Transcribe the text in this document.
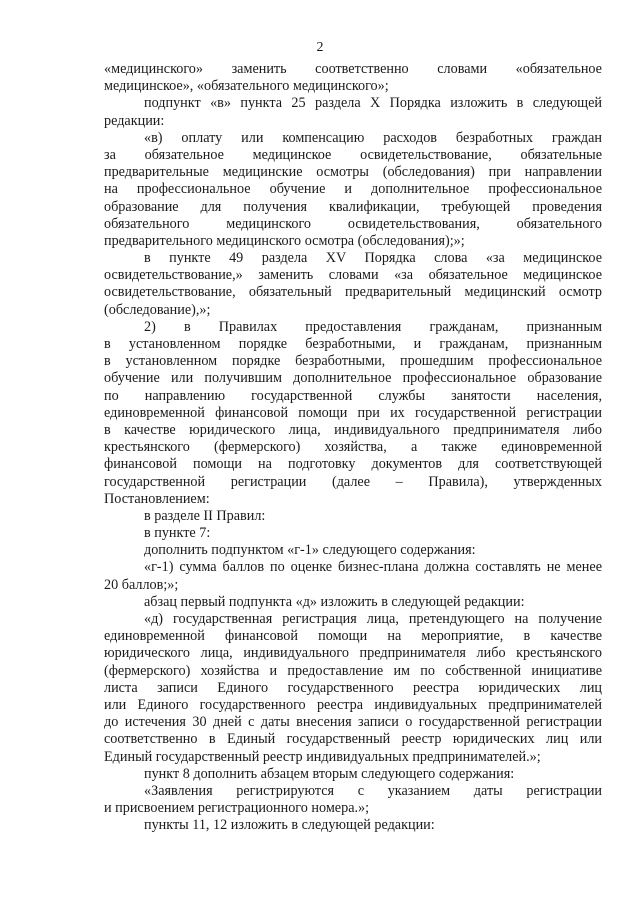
2
«медицинского» заменить соответственно словами «обязательное
медицинское», «обязательного медицинского»;
подпункт «в» пункта 25 раздела X Порядка изложить в следующей
редакции:
«в) оплату или компенсацию расходов безработных граждан
за обязательное медицинское освидетельствование, обязательные
предварительные медицинские осмотры (обследования) при направлении
на профессиональное обучение и дополнительное профессиональное
образование для получения квалификации, требующей проведения
обязательного медицинского освидетельствования, обязательного
предварительного медицинского осмотра (обследования);»;
в пункте 49 раздела XV Порядка слова «за медицинское
освидетельствование,» заменить словами «за обязательное медицинское
освидетельствование, обязательный предварительный медицинский осмотр
(обследование),»;
2) в Правилах предоставления гражданам, признанным
в установленном порядке безработными, и гражданам, признанным
в установленном порядке безработными, прошедшим профессиональное
обучение или получившим дополнительное профессиональное образование
по направлению государственной службы занятости населения,
единовременной финансовой помощи при их государственной регистрации
в качестве юридического лица, индивидуального предпринимателя либо
крестьянского (фермерского) хозяйства, а также единовременной
финансовой помощи на подготовку документов для соответствующей
государственной регистрации (далее – Правила), утвержденных
Постановлением:
в разделе II Правил:
в пункте 7:
дополнить подпунктом «г-1» следующего содержания:
«г-1) сумма баллов по оценке бизнес-плана должна составлять не менее
20 баллов;»;
абзац первый подпункта «д» изложить в следующей редакции:
«д) государственная регистрация лица, претендующего на получение
единовременной финансовой помощи на мероприятие, в качестве
юридического лица, индивидуального предпринимателя либо крестьянского
(фермерского) хозяйства и предоставление им по собственной инициативе
листа записи Единого государственного реестра юридических лиц
или Единого государственного реестра индивидуальных предпринимателей
до истечения 30 дней с даты внесения записи о государственной регистрации
соответственно в Единый государственный реестр юридических лиц или
Единый государственный реестр индивидуальных предпринимателей.»;
пункт 8 дополнить абзацем вторым следующего содержания:
«Заявления регистрируются с указанием даты регистрации
и присвоением регистрационного номера.»;
пункты 11, 12 изложить в следующей редакции:
